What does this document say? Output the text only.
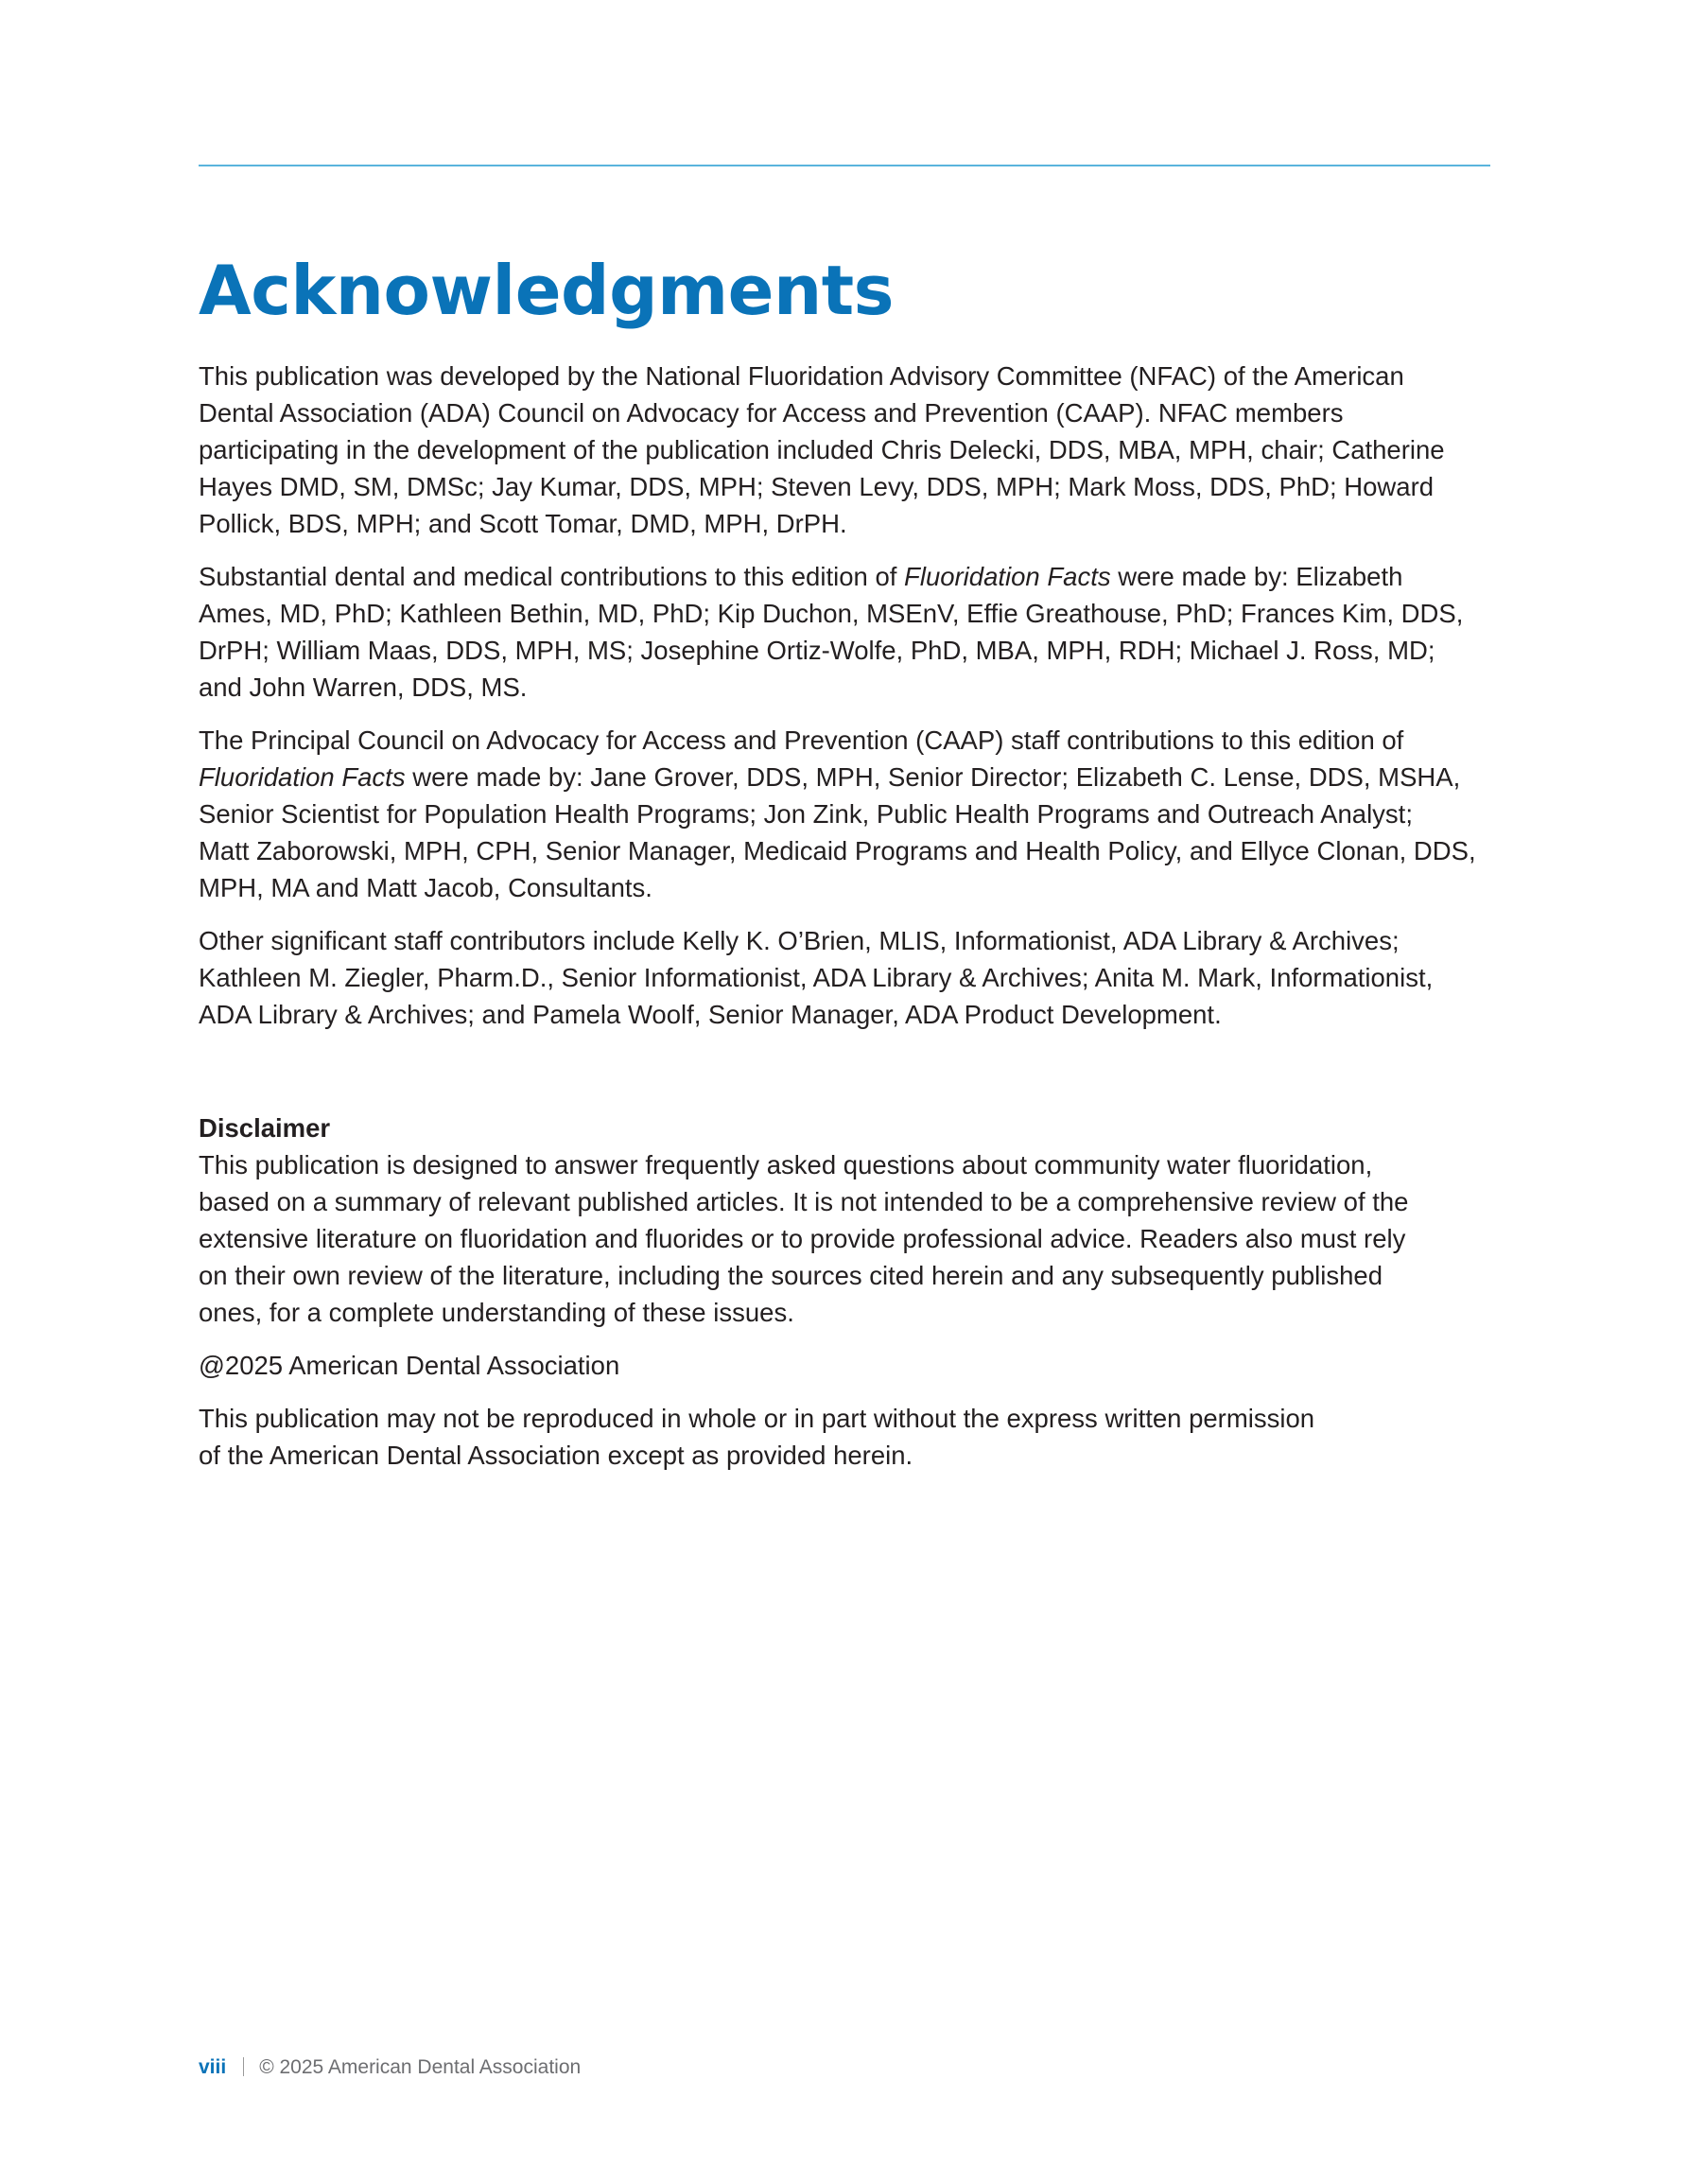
Acknowledgments

This publication was developed by the National Fluoridation Advisory Committee (NFAC) of the American
Dental Association (ADA) Council on Advocacy for Access and Prevention (CAAP). NFAC members
participating in the development of the publication included Chris Delecki, DDS, MBA, MPH, chair; Catherine
Hayes DMD, SM, DMSc; Jay Kumar, DDS, MPH; Steven Levy, DDS, MPH; Mark Moss, DDS, PhD; Howard
Pollick, BDS, MPH; and Scott Tomar, DMD, MPH, DrPH.

Substantial dental and medical contributions to this edition of Fluoridation Facts were made by: Elizabeth
Ames, MD, PhD; Kathleen Bethin, MD, PhD; Kip Duchon, MSEnV, Effie Greathouse, PhD; Frances Kim, DDS,
DrPH; William Maas, DDS, MPH, MS; Josephine Ortiz-Wolfe, PhD, MBA, MPH, RDH; Michael J. Ross, MD;
and John Warren, DDS, MS.

The Principal Council on Advocacy for Access and Prevention (CAAP) staff contributions to this edition of
Fluoridation Facts were made by: Jane Grover, DDS, MPH, Senior Director; Elizabeth C. Lense, DDS, MSHA,
Senior Scientist for Population Health Programs; Jon Zink, Public Health Programs and Outreach Analyst;
Matt Zaborowski, MPH, CPH, Senior Manager, Medicaid Programs and Health Policy, and Ellyce Clonan, DDS,
MPH, MA and Matt Jacob, Consultants.

Other significant staff contributors include Kelly K. O’Brien, MLIS, Informationist, ADA Library & Archives;
Kathleen M. Ziegler, Pharm.D., Senior Informationist, ADA Library & Archives; Anita M. Mark, Informationist,
ADA Library & Archives; and Pamela Woolf, Senior Manager, ADA Product Development.

Disclaimer

This publication is designed to answer frequently asked questions about community water fluoridation,
based on a summary of relevant published articles. It is not intended to be a comprehensive review of the
extensive literature on fluoridation and fluorides or to provide professional advice. Readers also must rely
on their own review of the literature, including the sources cited herein and any subsequently published
ones, for a complete understanding of these issues.

@2025 American Dental Association

This publication may not be reproduced in whole or in part without the express written permission
of the American Dental Association except as provided herein.

viii © 2025 American Dental Association
